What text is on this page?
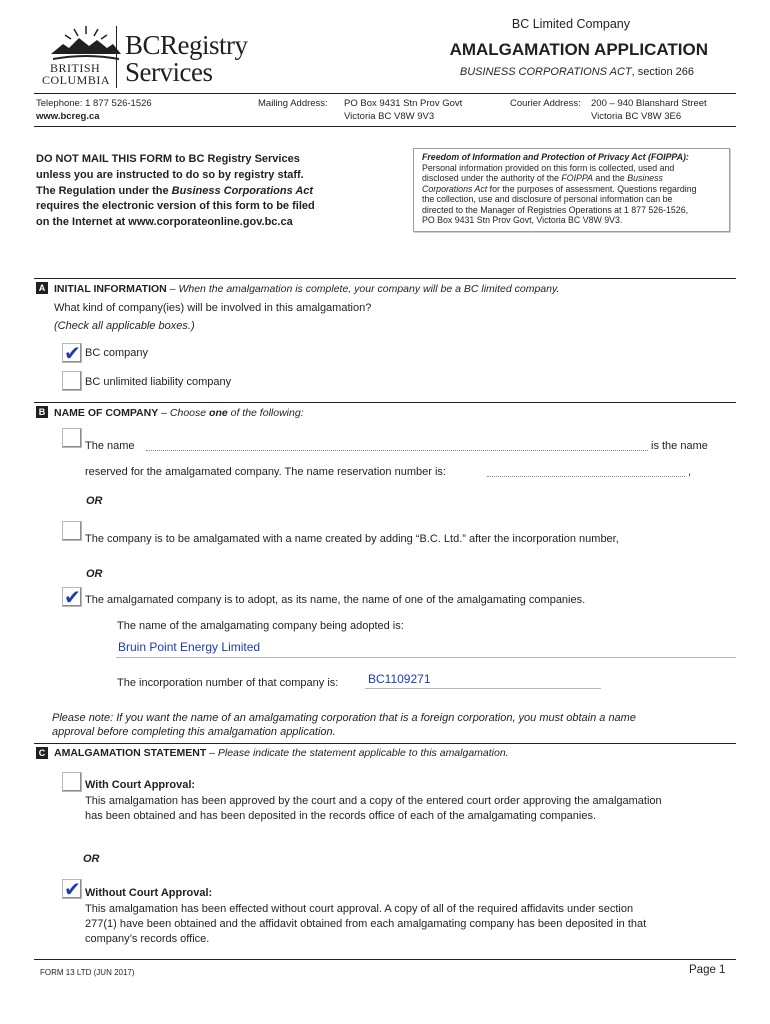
BRITISH
COLUMBIA
BCRegistry
Services
BC Limited Company
AMALGAMATION APPLICATION
BUSINESS CORPORATIONS ACT, section 266
Telephone: 1 877 526-1526
www.bcreg.ca
Mailing Address: PO Box 9431 Stn Prov Govt
Victoria BC V8W 9V3
Courier Address: 200 – 940 Blanshard Street
Victoria BC V8W 3E6
DO NOT MAIL THIS FORM to BC Registry Services
unless you are instructed to do so by registry staff.
The Regulation under the Business Corporations Act
requires the electronic version of this form to be filed
on the Internet at www.corporateonline.gov.bc.ca
Freedom of Information and Protection of Privacy Act (FOIPPA):
Personal information provided on this form is collected, used and
disclosed under the authority of the FOIPPA and the Business
Corporations Act for the purposes of assessment. Questions regarding
the collection, use and disclosure of personal information can be
directed to the Manager of Registries Operations at 1 877 526-1526,
PO Box 9431 Stn Prov Govt, Victoria BC V8W 9V3.
A INITIAL INFORMATION – When the amalgamation is complete, your company will be a BC limited company.
What kind of company(ies) will be involved in this amalgamation?
(Check all applicable boxes.)
✔ BC company
BC unlimited liability company
B NAME OF COMPANY – Choose one of the following:
The name	is the name
reserved for the amalgamated company. The name reservation number is:	,
OR
The company is to be amalgamated with a name created by adding “B.C. Ltd.” after the incorporation number,
OR
✔ The amalgamated company is to adopt, as its name, the name of one of the amalgamating companies.
The name of the amalgamating company being adopted is:
Bruin Point Energy Limited
The incorporation number of that company is: BC1109271
Please note: If you want the name of an amalgamating corporation that is a foreign corporation, you must obtain a name
approval before completing this amalgamation application.
C AMALGAMATION STATEMENT – Please indicate the statement applicable to this amalgamation.
With Court Approval:
This amalgamation has been approved by the court and a copy of the entered court order approving the amalgamation
has been obtained and has been deposited in the records office of each of the amalgamating companies.
OR
✔ Without Court Approval:
This amalgamation has been effected without court approval. A copy of all of the required affidavits under section
277(1) have been obtained and the affidavit obtained from each amalgamating company has been deposited in that
company’s records office.
FORM 13 LTD (JUN 2017)	Page 1
